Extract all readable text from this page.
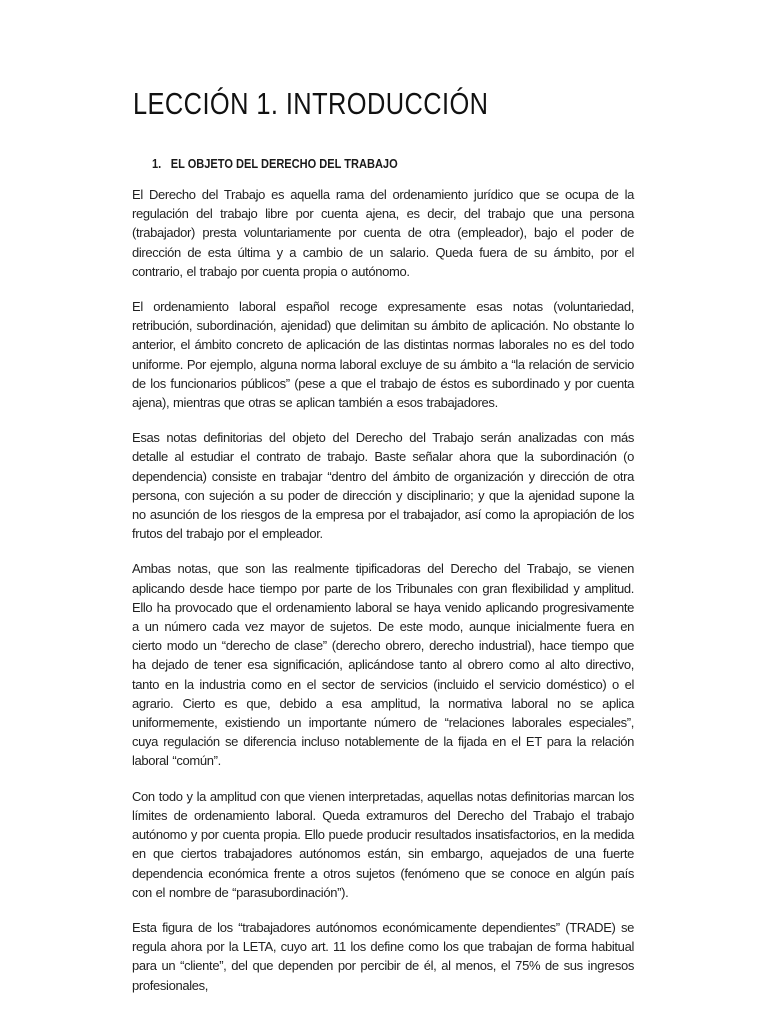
LECCIÓN 1. INTRODUCCIÓN
1. EL OBJETO DEL DERECHO DEL TRABAJO

El Derecho del Trabajo es aquella rama del ordenamiento jurídico que se ocupa de la regulación del trabajo libre por cuenta ajena, es decir, del trabajo que una persona (trabajador) presta voluntariamente por cuenta de otra (empleador), bajo el poder de dirección de esta última y a cambio de un salario. Queda fuera de su ámbito, por el contrario, el trabajo por cuenta propia o autónomo.

El ordenamiento laboral español recoge expresamente esas notas (voluntariedad, retribución, subordinación, ajenidad) que delimitan su ámbito de aplicación. No obstante lo anterior, el ámbito concreto de aplicación de las distintas normas laborales no es del todo uniforme. Por ejemplo, alguna norma laboral excluye de su ámbito a “la relación de servicio de los funcionarios públicos” (pese a que el trabajo de éstos es subordinado y por cuenta ajena), mientras que otras se aplican también a esos trabajadores.

Esas notas definitorias del objeto del Derecho del Trabajo serán analizadas con más detalle al estudiar el contrato de trabajo. Baste señalar ahora que la subordinación (o dependencia) consiste en trabajar “dentro del ámbito de organización y dirección de otra persona, con sujeción a su poder de dirección y disciplinario; y que la ajenidad supone la no asunción de los riesgos de la empresa por el trabajador, así como la apropiación de los frutos del trabajo por el empleador.

Ambas notas, que son las realmente tipificadoras del Derecho del Trabajo, se vienen aplicando desde hace tiempo por parte de los Tribunales con gran flexibilidad y amplitud. Ello ha provocado que el ordenamiento laboral se haya venido aplicando progresivamente a un número cada vez mayor de sujetos. De este modo, aunque inicialmente fuera en cierto modo un “derecho de clase” (derecho obrero, derecho industrial), hace tiempo que ha dejado de tener esa significación, aplicándose tanto al obrero como al alto directivo, tanto en la industria como en el sector de servicios (incluido el servicio doméstico) o el agrario. Cierto es que, debido a esa amplitud, la normativa laboral no se aplica uniformemente, existiendo un importante número de “relaciones laborales especiales”, cuya regulación se diferencia incluso notablemente de la fijada en el ET para la relación laboral “común”.

Con todo y la amplitud con que vienen interpretadas, aquellas notas definitorias marcan los límites de ordenamiento laboral. Queda extramuros del Derecho del Trabajo el trabajo autónomo y por cuenta propia. Ello puede producir resultados insatisfactorios, en la medida en que ciertos trabajadores autónomos están, sin embargo, aquejados de una fuerte dependencia económica frente a otros sujetos (fenómeno que se conoce en algún país con el nombre de “parasubordinación”).

Esta figura de los “trabajadores autónomos económicamente dependientes” (TRADE) se regula ahora por la LETA, cuyo art. 11 los define como los que trabajan de forma habitual para un “cliente”, del que dependen por percibir de él, al menos, el 75% de sus ingresos profesionales,
